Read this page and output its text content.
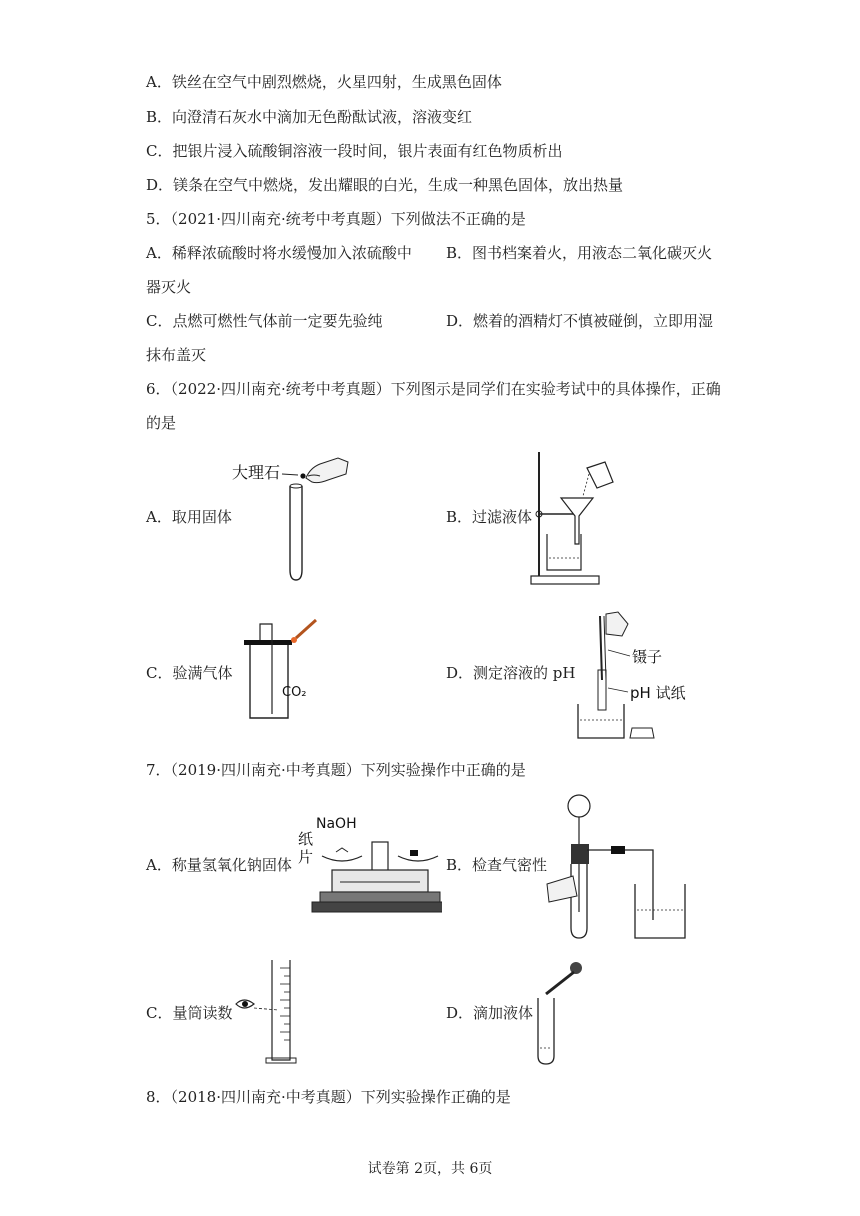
A．铁丝在空气中剧烈燃烧，火星四射，生成黑色固体
B．向澄清石灰水中滴加无色酚酞试液，溶液变红
C．把银片浸入硫酸铜溶液一段时间，银片表面有红色物质析出
D．镁条在空气中燃烧，发出耀眼的白光，生成一种黑色固体，放出热量
5．（2021·四川南充·统考中考真题）下列做法不正确的是
A．稀释浓硫酸时将水缓慢加入浓硫酸中 B．图书档案着火，用液态二氧化碳灭火
器灭火
C．点燃可燃性气体前一定要先验纯	D．燃着的酒精灯不慎被碰倒，立即用湿
抹布盖灭
6．（2022·四川南充·统考中考真题）下列图示是同学们在实验考试中的具体操作，正确
的是
A．取用固体	B．过滤液体
C．验满气体	D．测定溶液的 pH
大理石
CO₂
镊子
pH 试纸
7．（2019·四川南充·中考真题）下列实验操作中正确的是
A．称量氢氧化钠固体	B．检查气密性
C．量筒读数	D．滴加液体
NaOH
纸
片
8．（2018·四川南充·中考真题）下列实验操作正确的是
试卷第 2页，共 6页
